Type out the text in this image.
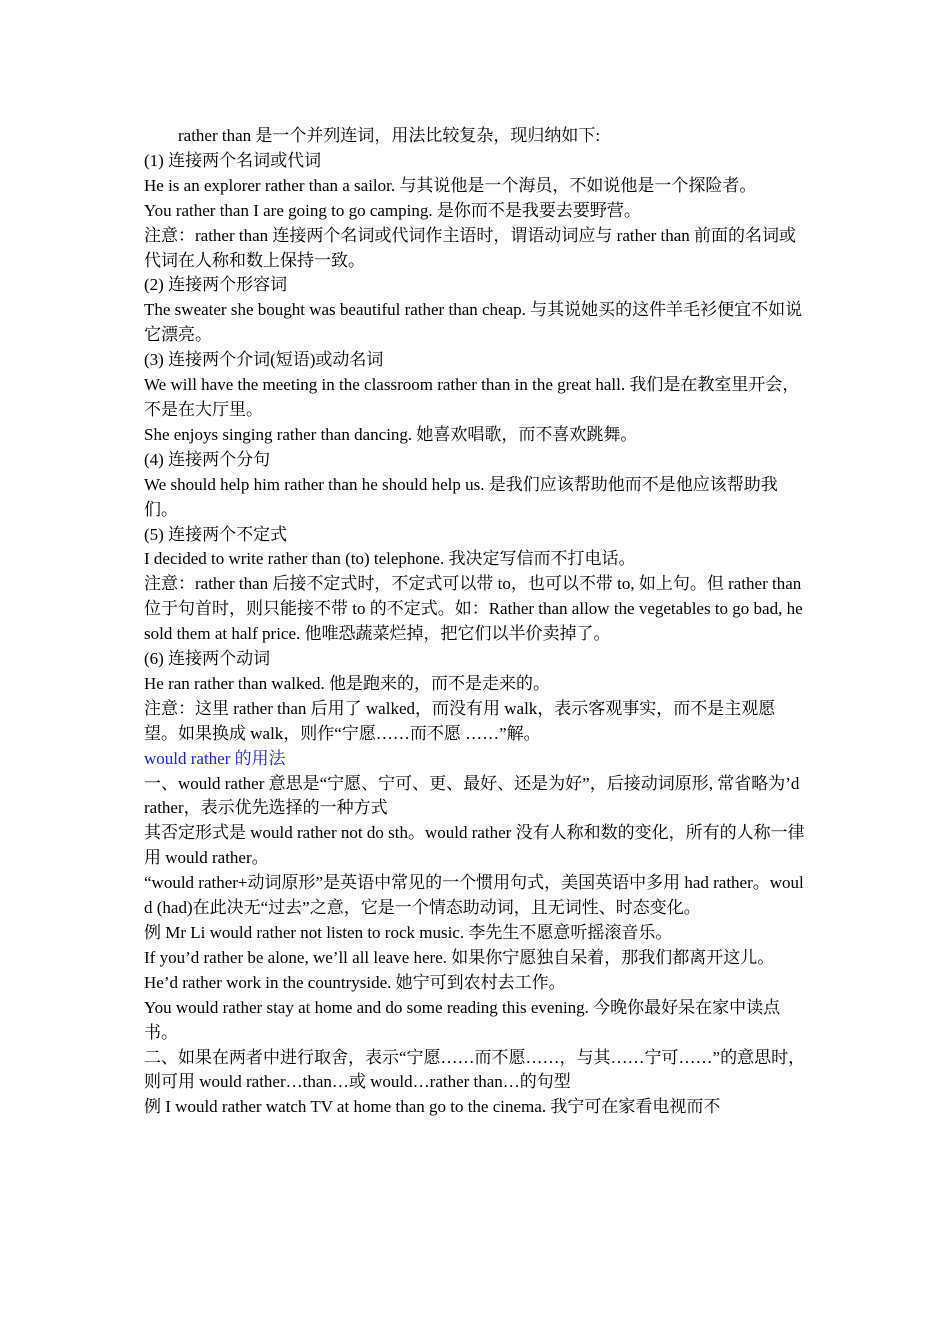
rather than 是一个并列连词，用法比较复杂，现归纳如下:

(1) 连接两个名词或代词

He is an explorer rather than a sailor. 与其说他是一个海员，不如说他是一个探险者。

You rather than I are going to go camping. 是你而不是我要去要野营。

注意：rather than 连接两个名词或代词作主语时，谓语动词应与 rather than 前面的名词或代词在人称和数上保持一致。

(2) 连接两个形容词

The sweater she bought was beautiful rather than cheap. 与其说她买的这件羊毛衫便宜不如说它漂亮。

(3) 连接两个介词(短语)或动名词

We will have the meeting in the classroom rather than in the great hall. 我们是在教室里开会，不是在大厅里。

She enjoys singing rather than dancing. 她喜欢唱歌，而不喜欢跳舞。

(4) 连接两个分句

We should help him rather than he should help us. 是我们应该帮助他而不是他应该帮助我们。

(5) 连接两个不定式

I decided to write rather than (to) telephone. 我决定写信而不打电话。

注意：rather than 后接不定式时，不定式可以带 to，也可以不带 to, 如上句。但 rather than 位于句首时，则只能接不带 to 的不定式。如：Rather than allow the vegetables to go bad, he sold them at half price. 他唯恐蔬菜烂掉，把它们以半价卖掉了。

(6) 连接两个动词

He ran rather than walked. 他是跑来的，而不是走来的。

注意：这里 rather than 后用了 walked，而没有用 walk，表示客观事实，而不是主观愿望。如果换成 walk，则作“宁愿……而不愿 ……”解。

would rather 的用法

一、would rather 意思是“宁愿、宁可、更、最好、还是为好”，后接动词原形, 常省略为’d rather，表示优先选择的一种方式

其否定形式是 would rather not do sth。would rather 没有人称和数的变化，所有的人称一律用 would rather。

“would rather+动词原形”是英语中常见的一个惯用句式，美国英语中多用 had rather。would (had)在此决无“过去”之意，它是一个情态助动词，且无词性、时态变化。

例 Mr Li would rather not listen to rock music. 李先生不愿意听摇滚音乐。

If you’d rather be alone, we’ll all leave here. 如果你宁愿独自呆着，那我们都离开这儿。

He’d rather work in the countryside. 她宁可到农村去工作。

You would rather stay at home and do some reading this evening. 今晚你最好呆在家中读点书。

二、如果在两者中进行取舍，表示“宁愿……而不愿……，与其……宁可……”的意思时，则可用 would rather…than…或 would…rather than…的句型

例 I would rather watch TV at home than go to the cinema. 我宁可在家看电视而不
